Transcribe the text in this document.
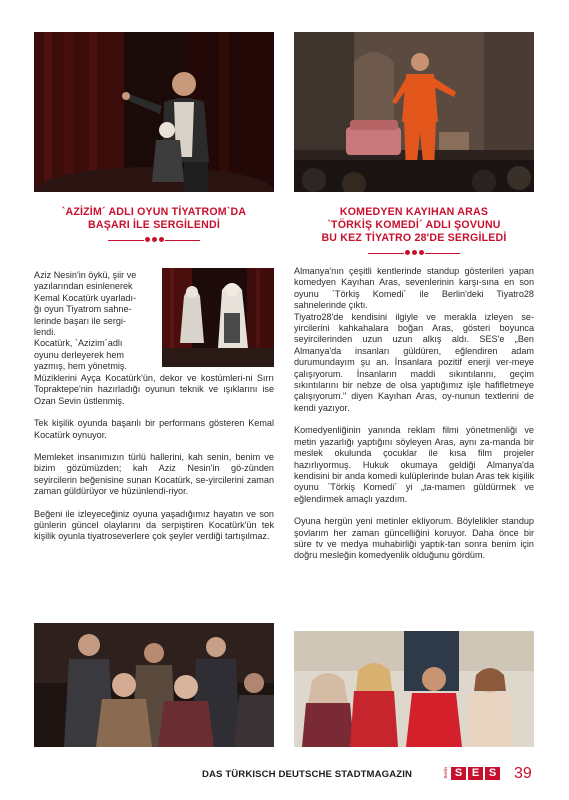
`AZİZİM´ ADLI OYUN TİYATROM`DA
BAŞARI İLE SERGİLENDİ
KOMEDYEN KAYIHAN ARAS
`TÖRKİŞ KOMEDİ´ ADLI ŞOVUNU
BU KEZ TİYATRO 28'DE SERGİLEDİ
Aziz Nesin'in öykü, şiir ve
yazılarından esinlenerek
Kemal Kocatürk uyarladı-
ğı oyun Tiyatrom sahne-
lerinde başarı ile sergi-
lendi.
Kocatürk, `Azizim´adlı
oyunu derleyerek hem
yazmış, hem yönetmiş.

Müziklerini Ayça Kocatürk'ün, dekor ve kostümleri-ni Sırrı Topraktepe'nin hazırladığı oyunun teknik ve ışıklarını ise Ozan Sevin üstlenmiş.

Tek kişilik oyunda başarılı bir performans gösteren Kemal Kocatürk oynuyor.

Memleket insanımızın türlü hallerini, kah senin, benim ve bizim gözümüzden; kah Aziz Nesin'in gö-zünden seyircilerin beğenisine sunan Kocatürk, se-yircilerini zaman zaman güldürüyor ve hüzünlendi-riyor.

Beğeni ile izleyeceğiniz oyuna yaşadığımız hayatın ve son günlerin güncel olaylarını da serpiştiren Kocatürk'ün tek kişilik oyunla tiyatroseverlere çok şeyler verdiği tartışılmaz.

Almanya'nın çeşitli kentlerinde standup gösterileri yapan komedyen Kayıhan Aras, sevenlerinin karşı-sına en son oyunu `Törkiş Komedi´ ile Berlin'deki Tiyatro28 sahnelerinde çıktı.

Tiyatro28'de kendisini ilgiyle ve merakla izleyen se-yircilerini kahkahalara boğan Aras, gösteri boyunca seyircilerinden uzun uzun alkış aldı. SES'e „Ben Almanya'da insanları güldüren, eğlendiren adam durumundayım şu an. İnsanlara pozitif enerji ver-meye çalışıyorum. İnsanların maddi sıkıntılarını, geçim sıkıntılarını bir nebze de olsa yaptığımız işle hafifletmeye çalışıyorum." diyen Kayıhan Aras, oy-nunun textlerini de kendi yazıyor.

Komedyenliğinin yanında reklam filmi yönetmenliği ve metin yazarlığı yaptığını söyleyen Aras, aynı za-manda bir meslek okulunda çocuklar ile kısa film projeler hazırlıyormuş. Hukuk okumaya geldiği Almanya'da kendisini bir anda komedi kulüplerinde bulan Aras tek kişilik oyunu `Törkiş Komedi´ yi „ta-mamen güldürmek ve eğlendirmek amaçlı yazdım.

Oyuna hergün yeni metinler ekliyorum. Böylelikler standup şovlarım her zaman güncelliğini koruyor. Daha önce bir süre tv ve medya muhabirliği yaptık-tan sonra benim için doğru mesleğin komedyenlik olduğunu gördüm.

DAS TÜRKISCH DEUTSCHE STADTMAGAZIN	Berlin S E S 39
